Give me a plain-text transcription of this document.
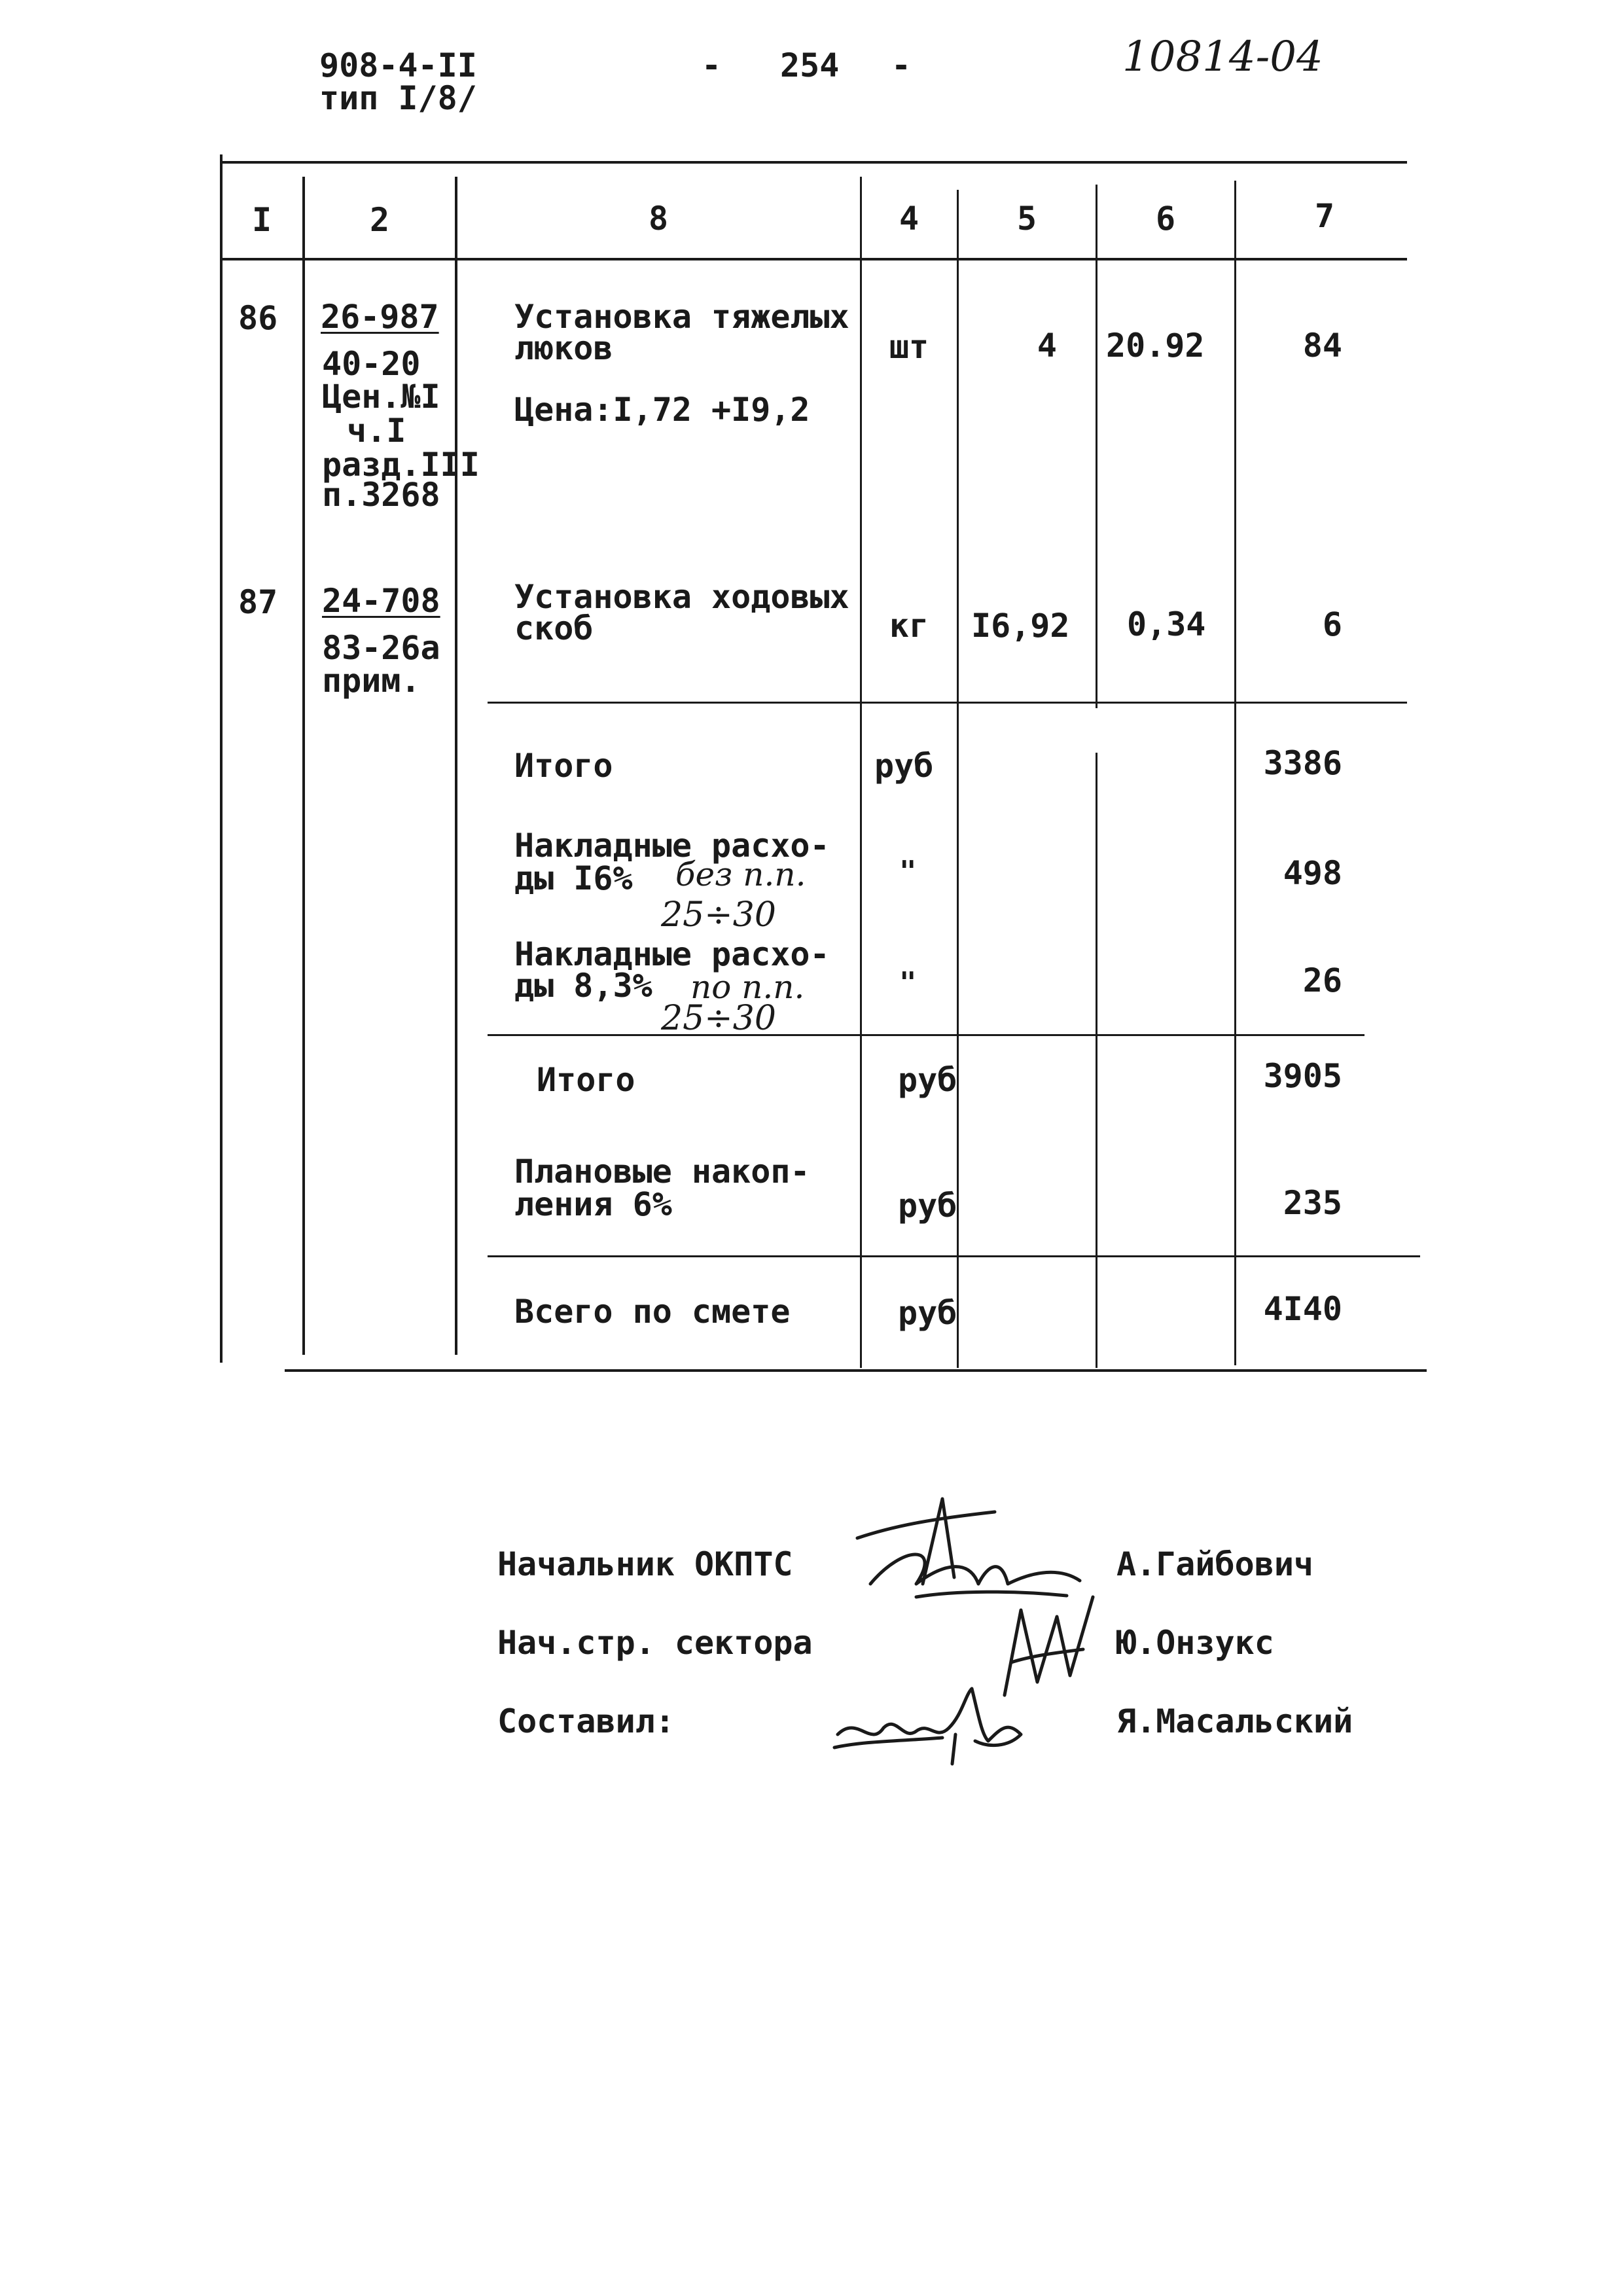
908-4-II
тип I/8/
- 254 -	10814-04
I	2	8	4	5	6	7
86 26-987
40-20
Цен.№I
ч.I
разд.III
п.3268
Установка тяжелых
люков
Цена:I,72 +I9,2
шт	4 20.92	84
87 24-708
83-26а
прим.
Установка ходовых
скоб	кг	I6,92 0,34	6
Итого	руб	3386
Накладные расхо-
ды I6% без п.п.
25÷30
"	498
Накладные расхо-
ды 8,3% по п.п.
25÷30
"	26
Итого	руб	3905
Плановые накоп-
ления 6%	руб	235
Всего по смете	руб	4I40
Начальник ОКПТС	А.Гайбович
Нач.стр. сектора	Ю.Онзукс
Составил:	Я.Масальский
